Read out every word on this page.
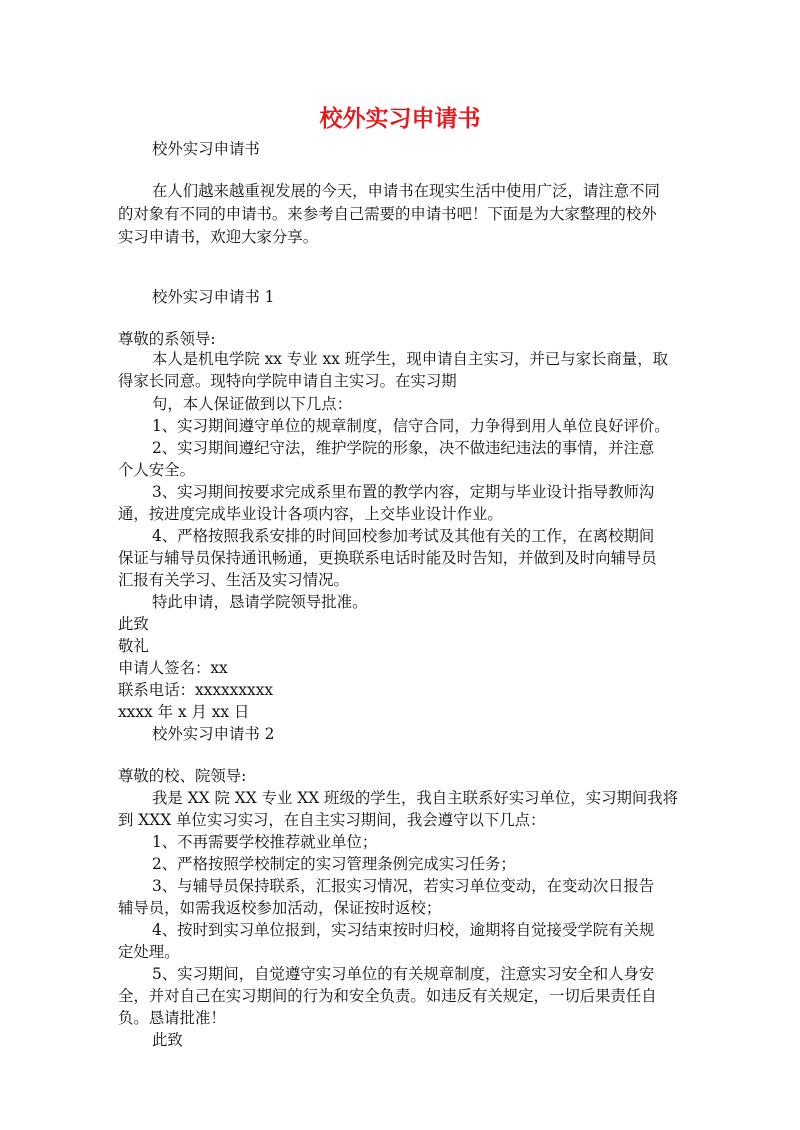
校外实习申请书
校外实习申请书
在人们越来越重视发展的今天，申请书在现实生活中使用广泛，请注意不同
的对象有不同的申请书。来参考自己需要的申请书吧！下面是为大家整理的校外
实习申请书，欢迎大家分享。
校外实习申请书 1
尊敬的系领导:
本人是机电学院 xx 专业 xx 班学生，现申请自主实习，并已与家长商量，取
得家长同意。现特向学院申请自主实习。在实习期
句，本人保证做到以下几点：
1、实习期间遵守单位的规章制度，信守合同，力争得到用人单位良好评价。
2、实习期间遵纪守法，维护学院的形象，决不做违纪违法的事情，并注意
个人安全。
3、实习期间按要求完成系里布置的教学内容，定期与毕业设计指导教师沟
通，按进度完成毕业设计各项内容，上交毕业设计作业。
4、严格按照我系安排的时间回校参加考试及其他有关的工作，在离校期间
保证与辅导员保持通讯畅通，更换联系电话时能及时告知，并做到及时向辅导员
汇报有关学习、生活及实习情况。
特此申请，恳请学院领导批准。
此致
敬礼
申请人签名：xx
联系电话：xxxxxxxxx
xxxx 年 x 月 xx 日
校外实习申请书 2
尊敬的校、院领导:
我是 XX 院 XX 专业 XX 班级的学生，我自主联系好实习单位，实习期间我将
到 XXX 单位实习实习，在自主实习期间，我会遵守以下几点：
1、不再需要学校推荐就业单位；
2、严格按照学校制定的实习管理条例完成实习任务；
3、与辅导员保持联系，汇报实习情况，若实习单位变动，在变动次日报告
辅导员，如需我返校参加活动，保证按时返校；
4、按时到实习单位报到，实习结束按时归校，逾期将自觉接受学院有关规
定处理。
5、实习期间，自觉遵守实习单位的有关规章制度，注意实习安全和人身安
全，并对自己在实习期间的行为和安全负责。如违反有关规定，一切后果责任自
负。恳请批准！
此致
